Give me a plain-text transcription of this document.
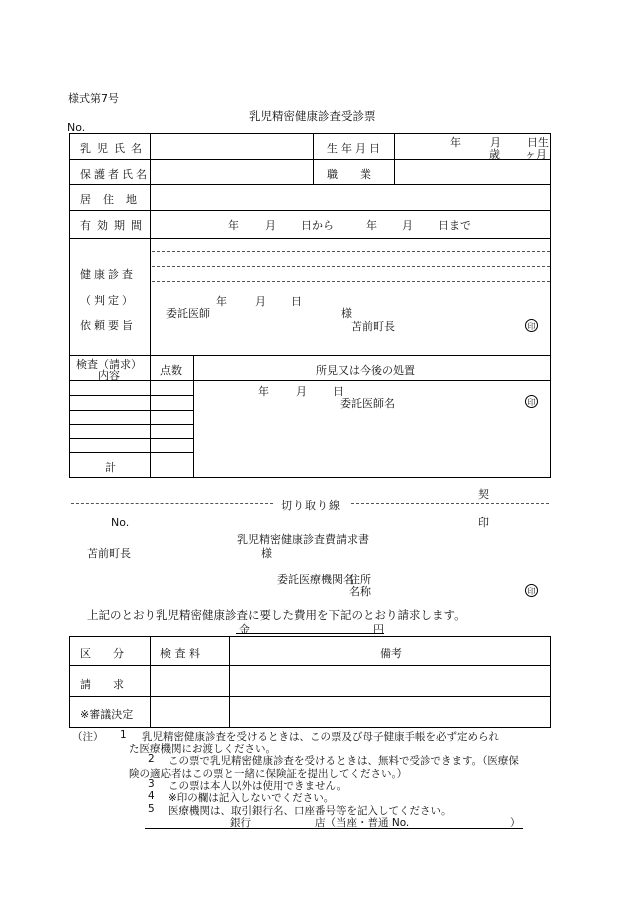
様式第7号
乳児精密健康診査受診票
No.
乳児氏名	生年月日	年	月 日生
歳 ヶ月
保護者氏名	職　　業
居住地
有効期間	年 月 日から	年 月 日まで
健康診査
（判定）
依頼要旨
年	月 日
委託医師	様
苫前町長	印
検査（請求）
内容	点数	所見又は今後の処置
年 月 日
委託医師名	印
計
契
切り取り線
印
No.
乳児精密健康診査費請求書
苫前町長	様
委託医療機関名
住所
名称	印
上記のとおり乳児精密健康診査に要した費用を下記のとおり請求します。
金	円
区　　分	検 査 料	備考
請　　求
※審議決定
（注） 1 乳児精密健康診査を受けるときは、この票及び母子健康手帳を必ず定められ
た医療機関にお渡しください。
2 この票で乳児精密健康診査を受けるときは、無料で受診できます。（医療保
険の適応者はこの票と一緒に保険証を提出してください。）
3 この票は本人以外は使用できません。
4 ※印の欄は記入しないでください。
5 医療機関は、取引銀行名、口座番号等を記入してください。
銀行	店（当座・普通 No.	）
